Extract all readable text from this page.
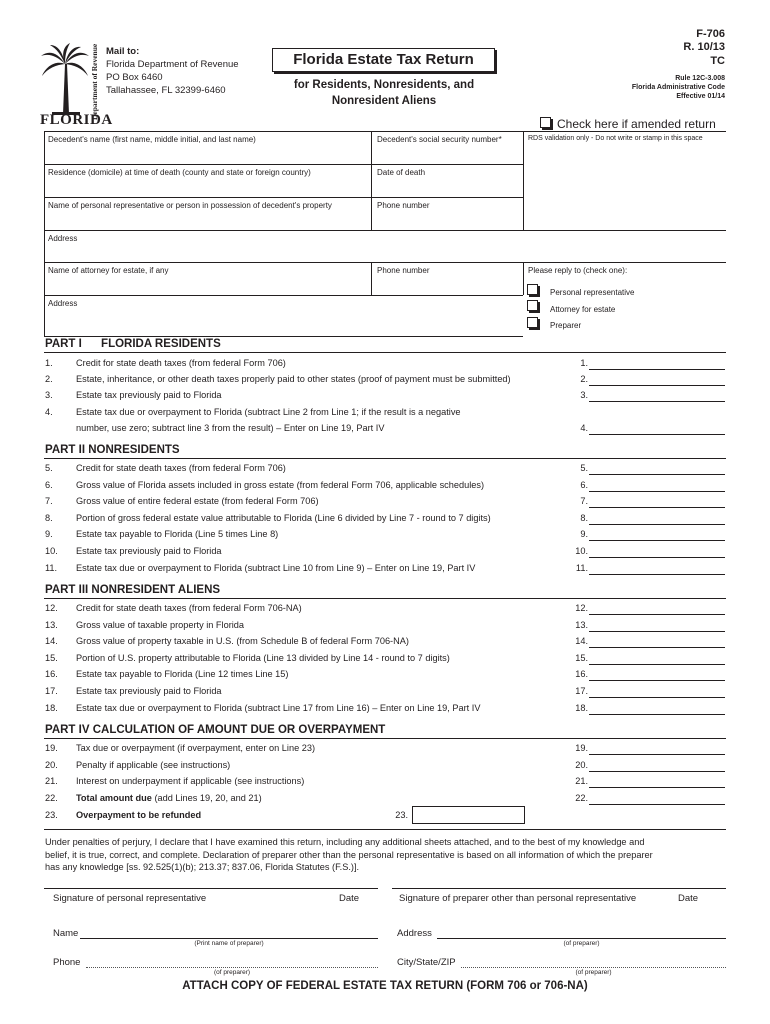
Department of Revenue
FLORIDA
Mail to:
Florida Department of Revenue
PO Box 6460
Tallahassee, FL 32399-6460
Florida Estate Tax Return
for Residents, Nonresidents, and
Nonresident Aliens
F-706
R. 10/13
TC
Rule 12C-3.008
Florida Administrative Code
Effective 01/14
Check here if amended return
Decedent's name (first name, middle initial, and last name)	Decedent's social security number*	RDS validation only - Do not write or stamp in this space
Residence (domicile) at time of death (county and state or foreign country)	Date of death
Name of personal representative or person in possession of decedent's property	Phone number
Address
Name of attorney for estate, if any	Phone number	Please reply to (check one):
Address
Personal representative
Attorney for estate
Preparer
PART I FLORIDA RESIDENTS
1.	Credit for state death taxes (from federal Form 706)	1.
2.	Estate, inheritance, or other death taxes properly paid to other states (proof of payment must be submitted)	2.
3.	Estate tax previously paid to Florida	3.
4.	Estate tax due or overpayment to Florida (subtract Line 2 from Line 1; if the result is a negative
number, use zero; subtract line 3 from the result) – Enter on Line 19, Part IV	4.
PART II NONRESIDENTS
5.	Credit for state death taxes (from federal Form 706)	5.
6.	Gross value of Florida assets included in gross estate (from federal Form 706, applicable schedules)	6.
7.	Gross value of entire federal estate (from federal Form 706)	7.
8.	Portion of gross federal estate value attributable to Florida (Line 6 divided by Line 7 - round to 7 digits)	8.
9.	Estate tax payable to Florida (Line 5 times Line 8)	9.
10. Estate tax previously paid to Florida	10.
11. Estate tax due or overpayment to Florida (subtract Line 10 from Line 9) – Enter on Line 19, Part IV	11.
PART III NONRESIDENT ALIENS
12. Credit for state death taxes (from federal Form 706-NA)	12.
13. Gross value of taxable property in Florida	13.
14. Gross value of property taxable in U.S. (from Schedule B of federal Form 706-NA)	14.
15. Portion of U.S. property attributable to Florida (Line 13 divided by Line 14 - round to 7 digits)	15.
16. Estate tax payable to Florida (Line 12 times Line 15)	16.
17. Estate tax previously paid to Florida	17.
18. Estate tax due or overpayment to Florida (subtract Line 17 from Line 16) – Enter on Line 19, Part IV	18.
PART IV CALCULATION OF AMOUNT DUE OR OVERPAYMENT
19. Tax due or overpayment (if overpayment, enter on Line 23)	19.
20. Penalty if applicable (see instructions)	20.
21. Interest on underpayment if applicable (see instructions)	21.
22. Total amount due (add Lines 19, 20, and 21)	22.
23. Overpayment to be refunded	23.
Under penalties of perjury, I declare that I have examined this return, including any additional sheets attached, and to the best of my knowledge and
belief, it is true, correct, and complete. Declaration of preparer other than the personal representative is based on all information of which the preparer
has any knowledge [ss. 92.525(1)(b); 213.37; 837.06, Florida Statutes (F.S.)].
Signature of personal representative	Date	Signature of preparer other than personal representative	Date
Name
(Print name of preparer)
Address
(of preparer)
Phone
(of preparer)
City/State/ZIP
(of preparer)
ATTACH COPY OF FEDERAL ESTATE TAX RETURN (FORM 706 or 706-NA)
